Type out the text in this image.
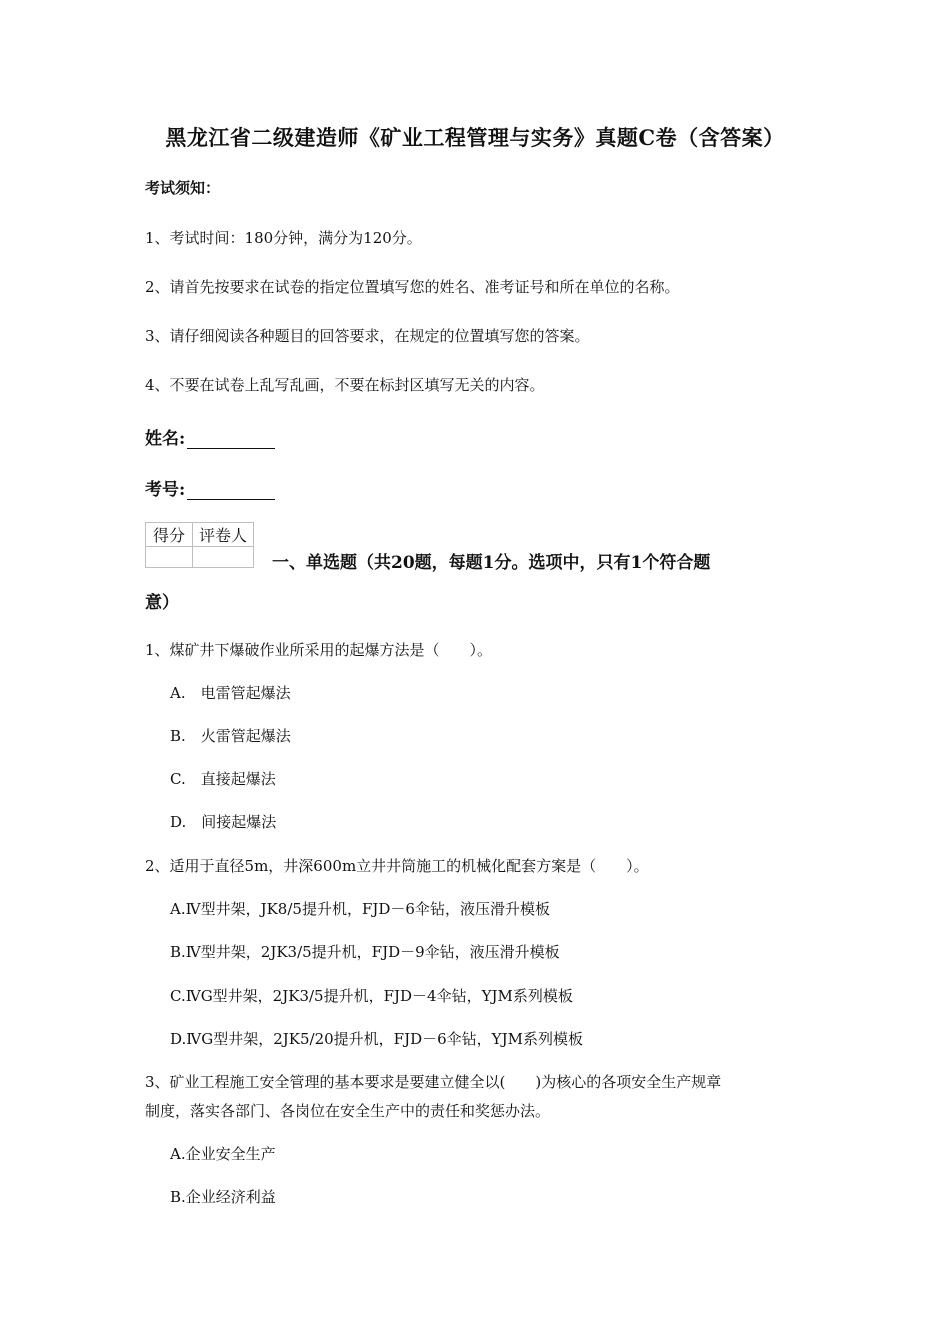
黑龙江省二级建造师《矿业工程管理与实务》真题C卷（含答案）
考试须知：
1、考试时间：180分钟，满分为120分。
2、请首先按要求在试卷的指定位置填写您的姓名、准考证号和所在单位的名称。
3、请仔细阅读各种题目的回答要求，在规定的位置填写您的答案。
4、不要在试卷上乱写乱画，不要在标封区填写无关的内容。
姓名:
考号:
得分	评卷人

一、单选题（共20题，每题1分。选项中，只有1个符合题
意）
1、煤矿井下爆破作业所采用的起爆方法是（　　）。
A.　电雷管起爆法
B.　火雷管起爆法
C.　直接起爆法
D.　间接起爆法
2、适用于直径5m，井深600m立井井筒施工的机械化配套方案是（　　）。
A.Ⅳ型井架，JK8/5提升机，FJD－6伞钻，液压滑升模板
B.Ⅳ型井架，2JK3/5提升机，FJD－9伞钻，液压滑升模板
C.ⅣG型井架，2JK3/5提升机，FJD－4伞钻，YJM系列模板
D.ⅣG型井架，2JK5/20提升机，FJD－6伞钻，YJM系列模板
3、矿业工程施工安全管理的基本要求是要建立健全以(　　)为核心的各项安全生产规章
制度，落实各部门、各岗位在安全生产中的责任和奖惩办法。
A.企业安全生产
B.企业经济利益
